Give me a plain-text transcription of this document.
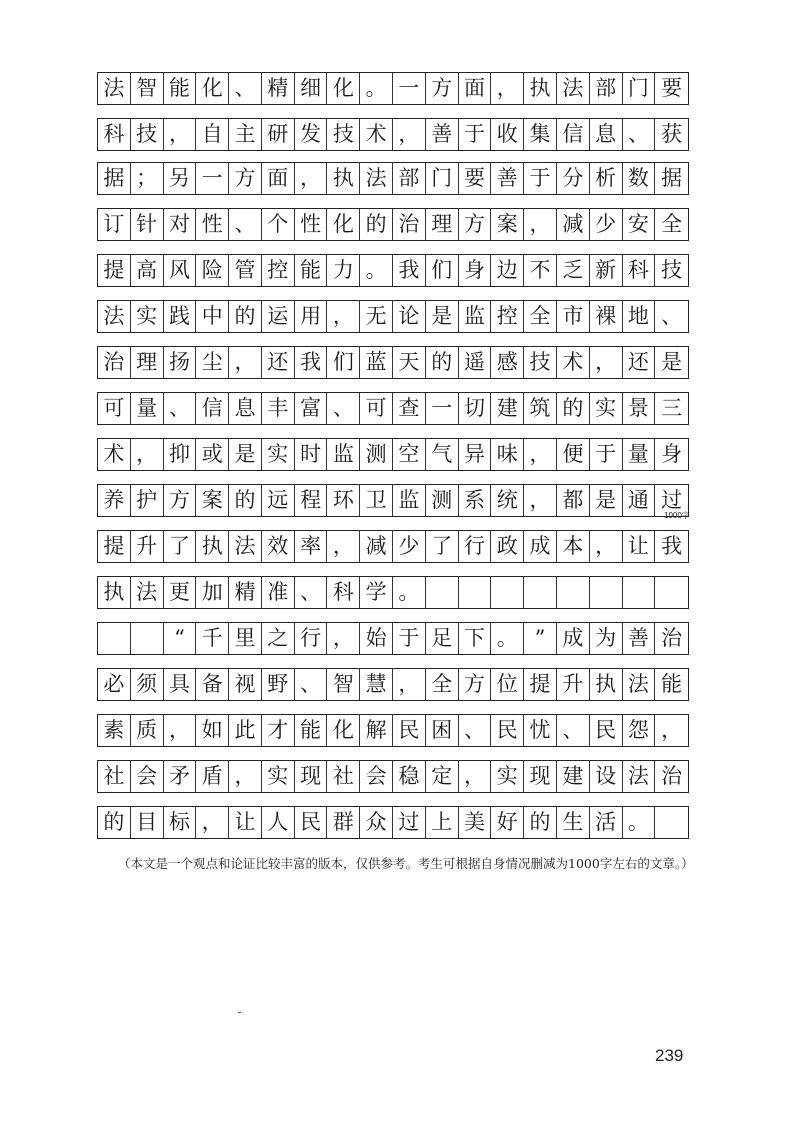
法 智 能 化 、 精 细 化 。 一 方 面 ， 执 法 部 门 要
科 技 ， 自 主 研 发 技 术 ， 善 于 收 集 信 息 、 获
据 ； 另 一 方 面 ， 执 法 部 门 要 善 于 分 析 数 据
订 针 对 性 、 个 性 化 的 治 理 方 案 ， 减 少 安 全
提 高 风 险 管 控 能 力 。 我 们 身 边 不 乏 新 科 技
法 实 践 中 的 运 用 ， 无 论 是 监 控 全 市 裸 地 、
治 理 扬 尘 ， 还 我 们 蓝 天 的 遥 感 技 术 ， 还 是
可 量 、 信 息 丰 富 、 可 查 一 切 建 筑 的 实 景 三
术 ， 抑 或 是 实 时 监 测 空 气 异 味 ， 便 于 量 身
养 护 方 案 的 远 程 环 卫 监 测 系 统 ， 都 是 通 过
提 升 了 执 法 效 率 ， 减 少 了 行 政 成 本 ， 让 我
执 法 更 加 精 准 、 科 学 。
“ 千 里 之 行 ， 始 于 足 下 。 ” 成 为 善 治
必 须 具 备 视 野 、 智 慧 ， 全 方 位 提 升 执 法 能
素 质 ， 如 此 才 能 化 解 民 困 、 民 忧 、 民 怨 ，
社 会 矛 盾 ， 实 现 社 会 稳 定 ， 实 现 建 设 法 治
的 目 标 ， 让 人 民 群 众 过 上 美 好 的 生 活 。
1000字
（本文是一个观点和论证比较丰富的版本，仅供参考。考生可根据自身情况删减为1000字左右的文章。）
239
